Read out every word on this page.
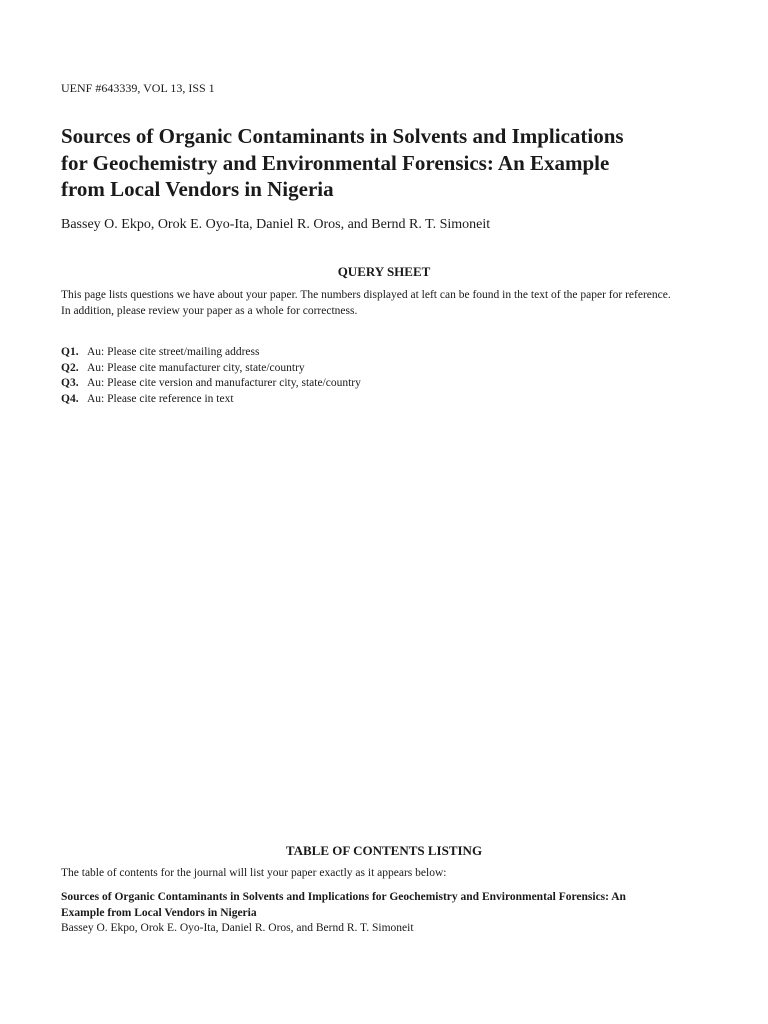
UENF #643339, VOL 13, ISS 1
Sources of Organic Contaminants in Solvents and Implications
for Geochemistry and Environmental Forensics: An Example
from Local Vendors in Nigeria
Bassey O. Ekpo, Orok E. Oyo-Ita, Daniel R. Oros, and Bernd R. T. Simoneit
QUERY SHEET
This page lists questions we have about your paper. The numbers displayed at left can be found in the text of the paper for reference.
In addition, please review your paper as a whole for correctness.
Q1. Au: Please cite street/mailing address
Q2. Au: Please cite manufacturer city, state/country
Q3. Au: Please cite version and manufacturer city, state/country
Q4. Au: Please cite reference in text
TABLE OF CONTENTS LISTING
The table of contents for the journal will list your paper exactly as it appears below:
Sources of Organic Contaminants in Solvents and Implications for Geochemistry and Environmental Forensics: An
Example from Local Vendors in Nigeria
Bassey O. Ekpo, Orok E. Oyo-Ita, Daniel R. Oros, and Bernd R. T. Simoneit
